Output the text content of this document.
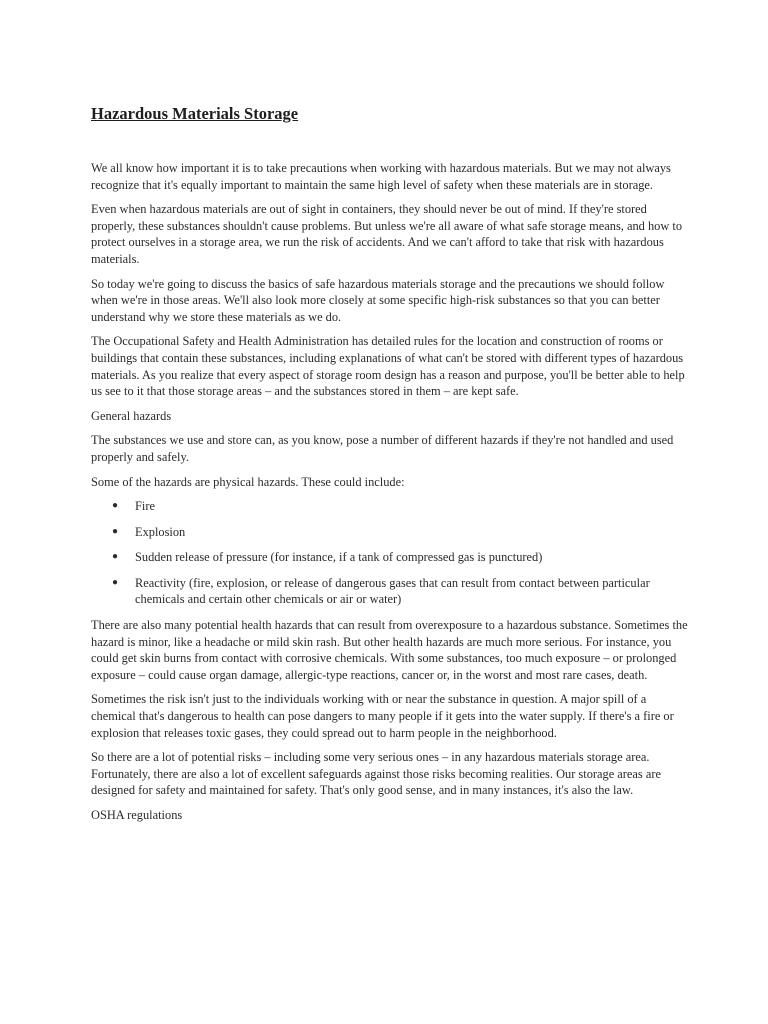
Hazardous Materials Storage

We all know how important it is to take precautions when working with hazardous materials. But we may not always recognize that it's equally important to maintain the same high level of safety when these materials are in storage.

Even when hazardous materials are out of sight in containers, they should never be out of mind. If they're stored properly, these substances shouldn't cause problems. But unless we're all aware of what safe storage means, and how to protect ourselves in a storage area, we run the risk of accidents. And we can't afford to take that risk with hazardous materials.

So today we're going to discuss the basics of safe hazardous materials storage and the precautions we should follow when we're in those areas. We'll also look more closely at some specific high-risk substances so that you can better understand why we store these materials as we do.

The Occupational Safety and Health Administration has detailed rules for the location and construction of rooms or buildings that contain these substances, including explanations of what can't be stored with different types of hazardous materials. As you realize that every aspect of storage room design has a reason and purpose, you'll be better able to help us see to it that those storage areas – and the substances stored in them – are kept safe.

General hazards

The substances we use and store can, as you know, pose a number of different hazards if they're not handled and used properly and safely.

Some of the hazards are physical hazards. These could include:

● Fire
● Explosion
● Sudden release of pressure (for instance, if a tank of compressed gas is punctured)
● Reactivity (fire, explosion, or release of dangerous gases that can result from contact between particular chemicals and certain other chemicals or air or water)

There are also many potential health hazards that can result from overexposure to a hazardous substance. Sometimes the hazard is minor, like a headache or mild skin rash. But other health hazards are much more serious. For instance, you could get skin burns from contact with corrosive chemicals. With some substances, too much exposure – or prolonged exposure – could cause organ damage, allergic-type reactions, cancer or, in the worst and most rare cases, death.

Sometimes the risk isn't just to the individuals working with or near the substance in question. A major spill of a chemical that's dangerous to health can pose dangers to many people if it gets into the water supply. If there's a fire or explosion that releases toxic gases, they could spread out to harm people in the neighborhood.

So there are a lot of potential risks – including some very serious ones – in any hazardous materials storage area. Fortunately, there are also a lot of excellent safeguards against those risks becoming realities. Our storage areas are designed for safety and maintained for safety. That's only good sense, and in many instances, it's also the law.

OSHA regulations
